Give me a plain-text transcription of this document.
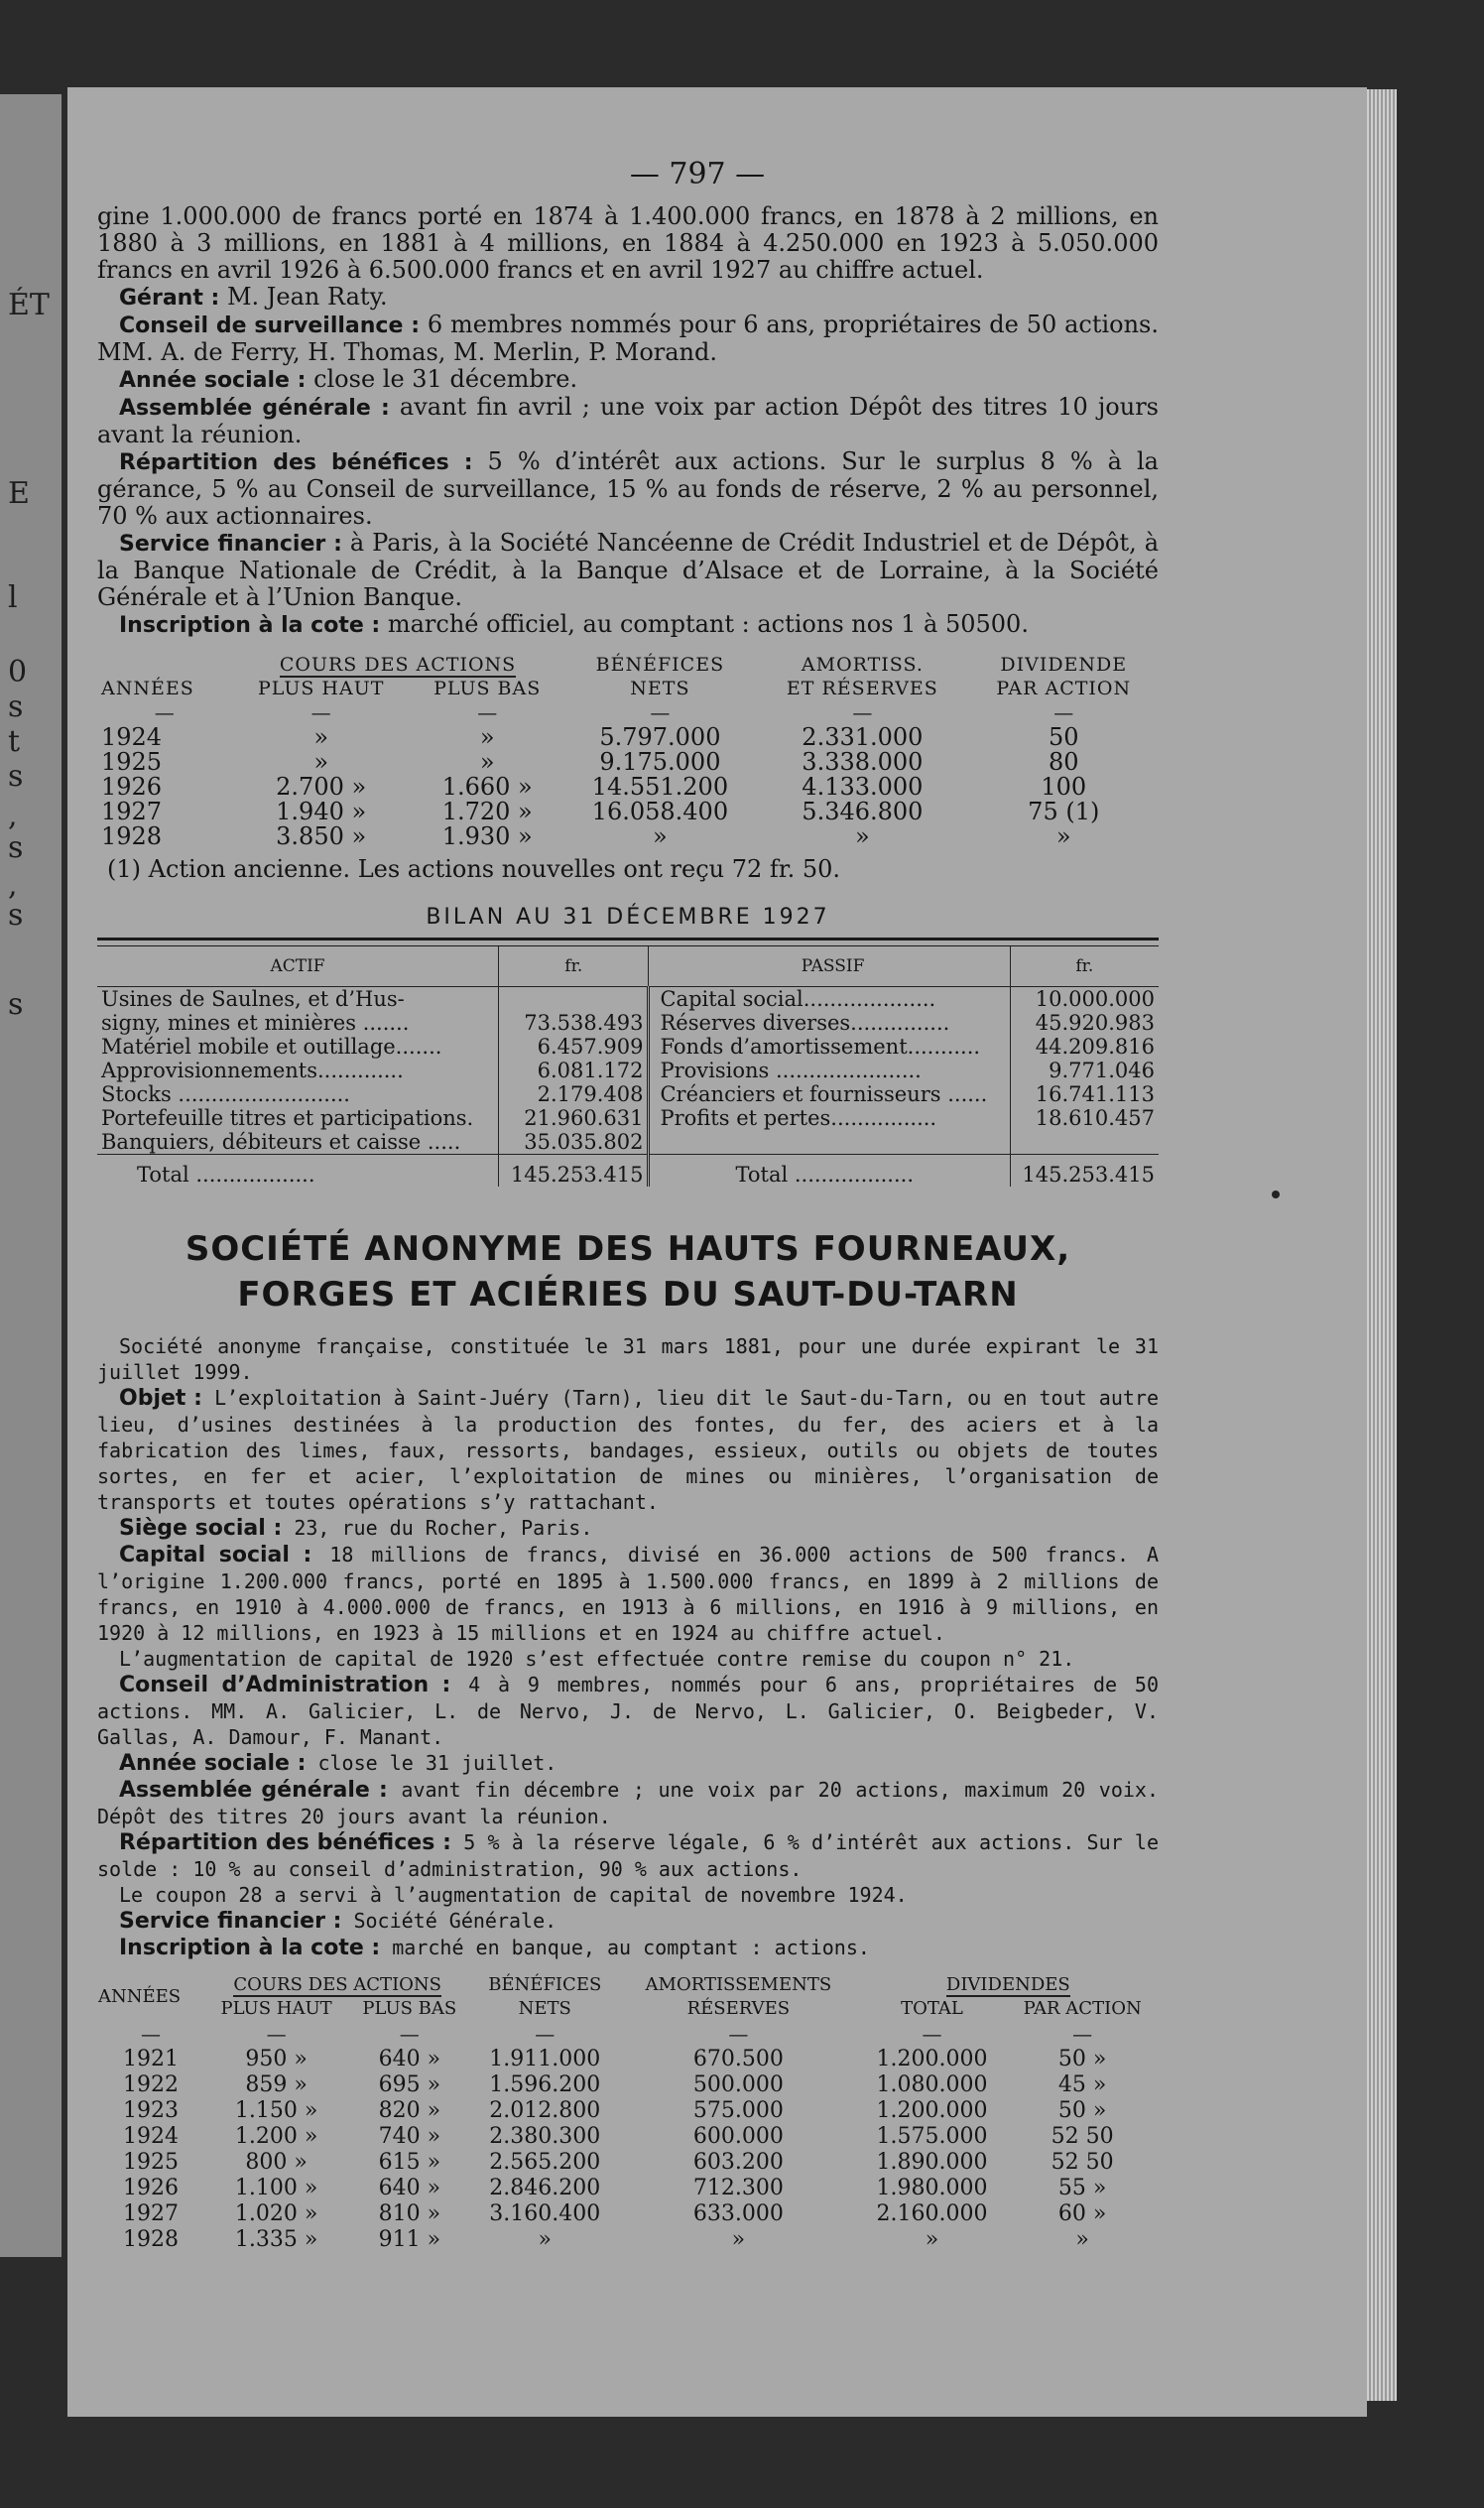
ÉT
E
l
0
s
t
s
,
s
,
s
s
— 797 —

gine 1.000.000 de francs porté en 1874 à 1.400.000 francs, en 1878 à 2 millions, en 1880 à 3 millions, en 1881 à 4 millions, en 1884 à 4.250.000 en 1923 à 5.050.000 francs en avril 1926 à 6.500.000 francs et en avril 1927 au chiffre actuel.

Gérant : M. Jean Raty.

Conseil de surveillance : 6 membres nommés pour 6 ans, propriétaires de 50 actions. MM. A. de Ferry, H. Thomas, M. Merlin, P. Morand.

Année sociale : close le 31 décembre.

Assemblée générale : avant fin avril ; une voix par action Dépôt des titres 10 jours avant la réunion.

Répartition des bénéfices : 5 % d’intérêt aux actions. Sur le surplus 8 % à la gérance, 5 % au Conseil de surveillance, 15 % au fonds de réserve, 2 % au personnel, 70 % aux actionnaires.

Service financier : à Paris, à la Société Nancéenne de Crédit Industriel et de Dépôt, à la Banque Nationale de Crédit, à la Banque d’Alsace et de Lorraine, à la Société Générale et à l’Union Banque.

Inscription à la cote : marché officiel, au comptant : actions nos 1 à 50500.

ANNÉES	COURS DES ACTIONS		BÉNÉFICES	AMORTISS.	DIVIDENDE
	PLUS HAUT	PLUS BAS	NETS	ET RÉSERVES	PAR ACTION
—	—	—	—	—	—
1924	»	»	5.797.000	2.331.000	50
1925	»	»	9.175.000	3.338.000	80
1926	2.700 »	1.660 »	14.551.200	4.133.000	100
1927	1.940 »	1.720 »	16.058.400	5.346.800	75 (1)
1928	3.850 »	1.930 »	»	»	»
(1) Action ancienne. Les actions nouvelles ont reçu 72 fr. 50.
BILAN AU 31 DÉCEMBRE 1927
ACTIF	fr.		PASSIF	fr.
Usines de Saulnes, et d’Hus-			Capital social....................	10.000.000
signy, mines et minières .......	73.538.493		Réserves diverses...............	45.920.983
Matériel mobile et outillage.......	6.457.909		Fonds d’amortissement...........	44.209.816
Approvisionnements.............	6.081.172		Provisions ......................	9.771.046
Stocks ..........................	2.179.408		Créanciers et fournisseurs ......	16.741.113
Portefeuille titres et participations.	21.960.631		Profits et pertes................	18.610.457
Banquiers, débiteurs et caisse .....	35.035.802			
Total ..................	145.253.415		Total ..................	145.253.415
SOCIÉTÉ ANONYME DES HAUTS FOURNEAUX,
FORGES ET ACIÉRIES DU SAUT-DU-TARN

Société anonyme française, constituée le 31 mars 1881, pour une durée expirant le 31 juillet 1999.

Objet : L’exploitation à Saint-Juéry (Tarn), lieu dit le Saut-du-Tarn, ou en tout autre lieu, d’usines destinées à la production des fontes, du fer, des aciers et à la fabrication des limes, faux, ressorts, bandages, essieux, outils ou objets de toutes sortes, en fer et acier, l’exploitation de mines ou minières, l’organisation de transports et toutes opérations s’y rattachant.

Siège social : 23, rue du Rocher, Paris.

Capital social : 18 millions de francs, divisé en 36.000 actions de 500 francs. A l’origine 1.200.000 francs, porté en 1895 à 1.500.000 francs, en 1899 à 2 millions de francs, en 1910 à 4.000.000 de francs, en 1913 à 6 millions, en 1916 à 9 millions, en 1920 à 12 millions, en 1923 à 15 millions et en 1924 au chiffre actuel.

L’augmentation de capital de 1920 s’est effectuée contre remise du coupon n° 21.

Conseil d’Administration : 4 à 9 membres, nommés pour 6 ans, propriétaires de 50 actions. MM. A. Galicier, L. de Nervo, J. de Nervo, L. Galicier, O. Beigbeder, V. Gallas, A. Damour, F. Manant.

Année sociale : close le 31 juillet.

Assemblée générale : avant fin décembre ; une voix par 20 actions, maximum 20 voix. Dépôt des titres 20 jours avant la réunion.

Répartition des bénéfices : 5 % à la réserve légale, 6 % d’intérêt aux actions. Sur le solde : 10 % au conseil d’administration, 90 % aux actions.

Le coupon 28 a servi à l’augmentation de capital de novembre 1924.

Service financier : Société Générale.

Inscription à la cote : marché en banque, au comptant : actions.

ANNÉES	COURS DES ACTIONS		BÉNÉFICES	AMORTISSEMENTS	DIVIDENDES	
	PLUS HAUT	PLUS BAS	NETS	RÉSERVES	TOTAL	PAR ACTION
—	—	—	—	—	—	—
1921	950 »	640 »	1.911.000	670.500	1.200.000	50 »
1922	859 »	695 »	1.596.200	500.000	1.080.000	45 »
1923	1.150 »	820 »	2.012.800	575.000	1.200.000	50 »
1924	1.200 »	740 »	2.380.300	600.000	1.575.000	52 50
1925	800 »	615 »	2.565.200	603.200	1.890.000	52 50
1926	1.100 »	640 »	2.846.200	712.300	1.980.000	55 »
1927	1.020 »	810 »	3.160.400	633.000	2.160.000	60 »
1928	1.335 »	911 »	»	»	»	»
